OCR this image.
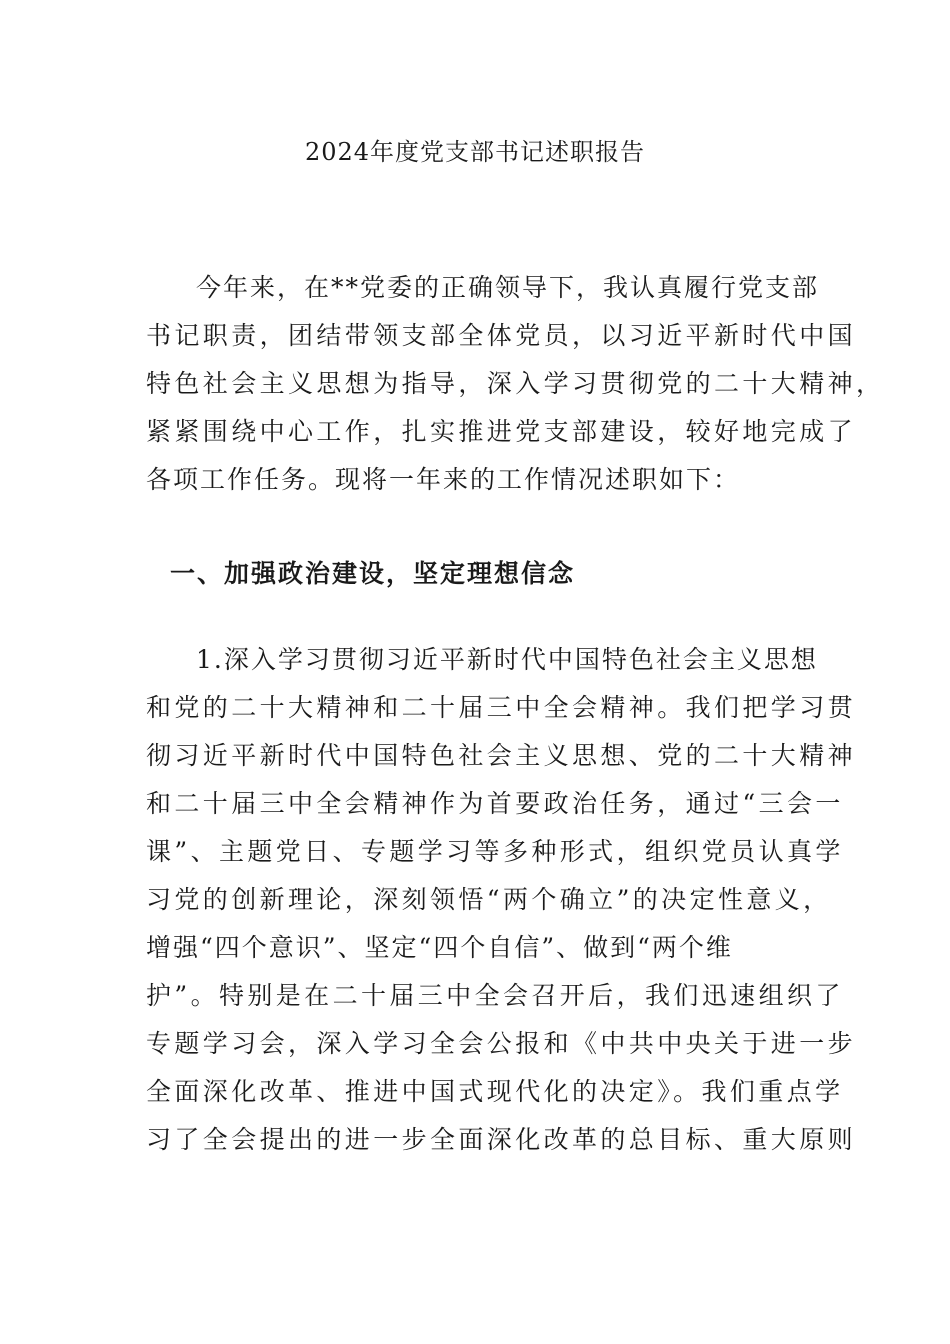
2024年度党支部书记述职报告
今年来，在**党委的正确领导下，我认真履行党支部
书记职责，团结带领支部全体党员，以习近平新时代中国
特色社会主义思想为指导，深入学习贯彻党的二十大精神，
紧紧围绕中心工作，扎实推进党支部建设，较好地完成了
各项工作任务。现将一年来的工作情况述职如下：
一、加强政治建设，坚定理想信念
1.深入学习贯彻习近平新时代中国特色社会主义思想
和党的二十大精神和二十届三中全会精神。我们把学习贯
彻习近平新时代中国特色社会主义思想、党的二十大精神
和二十届三中全会精神作为首要政治任务，通过“三会一
课”、主题党日、专题学习等多种形式，组织党员认真学
习党的创新理论，深刻领悟“两个确立”的决定性意义，
增强“四个意识”、坚定“四个自信”、做到“两个维
护”。特别是在二十届三中全会召开后，我们迅速组织了
专题学习会，深入学习全会公报和《中共中央关于进一步
全面深化改革、推进中国式现代化的决定》。我们重点学
习了全会提出的进一步全面深化改革的总目标、重大原则
